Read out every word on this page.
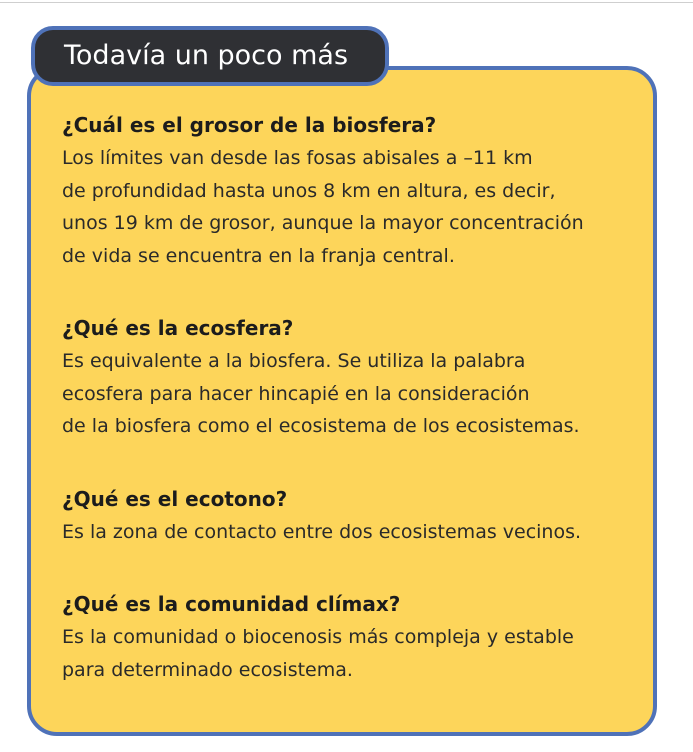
Todavía un poco más
¿Cuál es el grosor de la biosfera?
Los límites van desde las fosas abisales a –11 km
de profundidad hasta unos 8 km en altura, es decir,
unos 19 km de grosor, aunque la mayor concentración
de vida se encuentra en la franja central.
¿Qué es la ecosfera?
Es equivalente a la biosfera. Se utiliza la palabra
ecosfera para hacer hincapié en la consideración
de la biosfera como el ecosistema de los ecosistemas.
¿Qué es el ecotono?
Es la zona de contacto entre dos ecosistemas vecinos.
¿Qué es la comunidad clímax?
Es la comunidad o biocenosis más compleja y estable
para determinado ecosistema.
